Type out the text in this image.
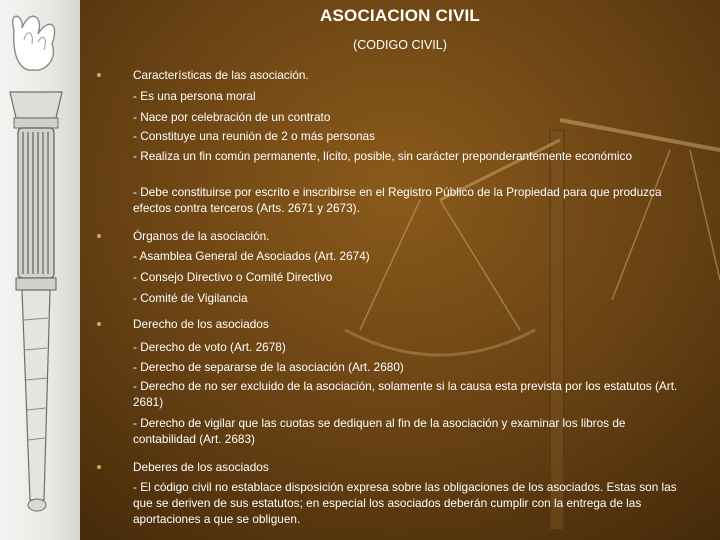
ASOCIACION CIVIL
(CODIGO CIVIL)
Características de las asociación.
- Es una persona moral
- Nace por celebración de un contrato
- Constituye una reunión de 2 o más personas
- Realiza un fin común permanente, lícito, posible, sin carácter preponderantemente económico
- Debe constituirse por escrito e inscribirse en el Registro Público de la Propiedad para que produzca efectos contra terceros (Arts. 2671 y 2673).
Órganos de la asociación.
- Asamblea General de Asociados (Art. 2674)
- Consejo Directivo o Comité Directivo
- Comité de Vigilancia
Derecho de los asociados
- Derecho de voto (Art. 2678)
- Derecho de separarse de la asociación (Art. 2680)
- Derecho de no ser excluido de la asociación, solamente si la causa esta prevista por los estatutos (Art. 2681)
- Derecho de vigilar que las cuotas se dediquen al fin de la asociación y examinar los libros de contabilidad (Art. 2683)
Deberes de los asociados
- El código civil no establace disposición expresa sobre las obligaciones de los asociados. Estas son las que se deriven de sus estatutos; en especial los asociados deberán cumplir con la entrega de las aportaciones a que se obliguen.
